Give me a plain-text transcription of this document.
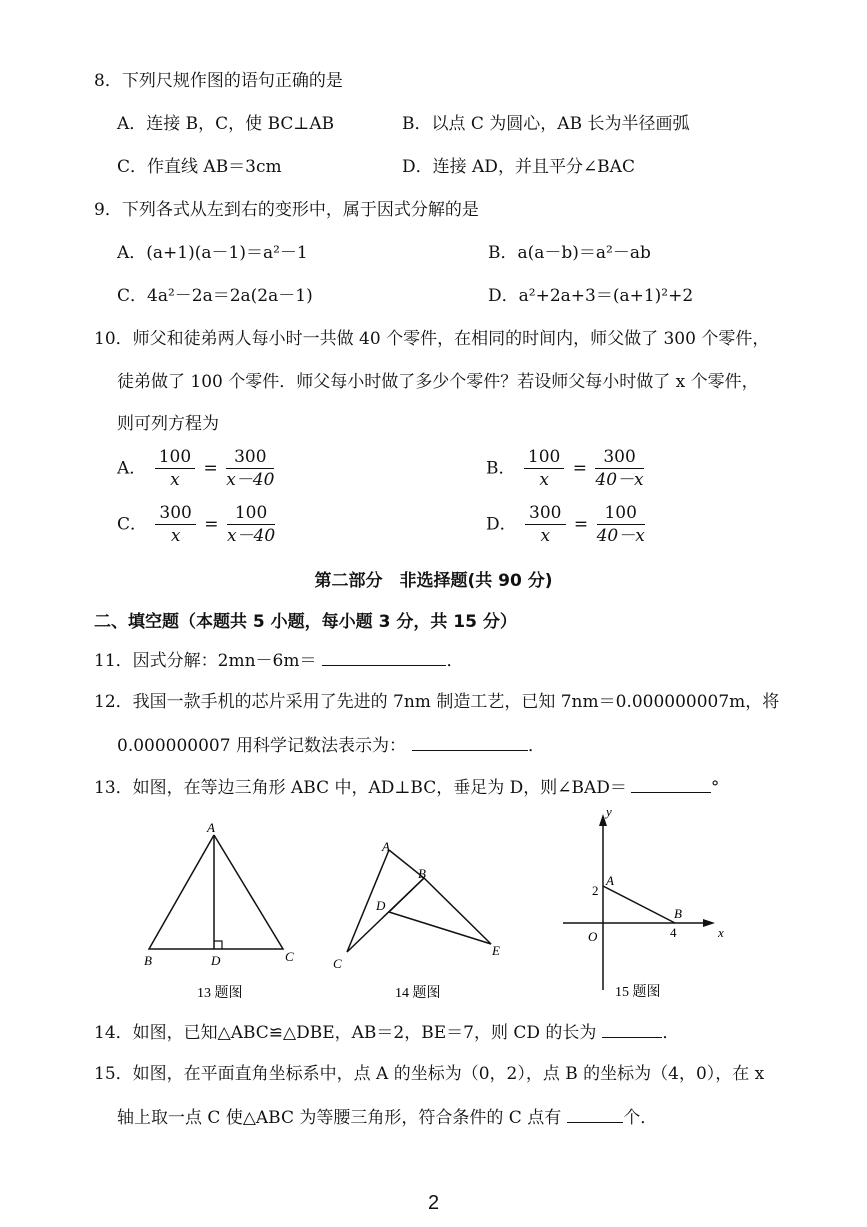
8．下列尺规作图的语句正确的是
A．连接 B，C，使 BC⊥AB	B．以点 C 为圆心，AB 长为半径画弧
C．作直线 AB＝3cm	D．连接 AD，并且平分∠BAC
9．下列各式从左到右的变形中，属于因式分解的是
A．(a+1)(a－1)＝a²－1	B．a(a－b)＝a²－ab
C．4a²－2a＝2a(2a－1)	D．a²+2a+3＝(a+1)²+2
10．师父和徒弟两人每小时一共做 40 个零件，在相同的时间内，师父做了 300 个零件，
徒弟做了 100 个零件．师父每小时做了多少个零件？若设师父每小时做了 x 个零件，
则可列方程为
A． $\frac{100}{x} = \frac{300}{x-40}$	B． $\frac{100}{x} = \frac{300}{40-x}$
C． $\frac{300}{x} = \frac{100}{x-40}$	D． $\frac{300}{x} = \frac{100}{40-x}$
第二部分　非选择题(共 90 分)
二、填空题（本题共 5 小题，每小题 3 分，共 15 分）
11．因式分解：2mn－6m＝	．
12．我国一款手机的芯片采用了先进的 7nm 制造工艺，已知 7nm＝0.000000007m，将
0.000000007 用科学记数法表示为：	．
13．如图，在等边三角形 ABC 中，AD⊥BC，垂足为 D，则∠BAD＝	°
A
B	D	C
13 题图
A
B
D
C
E
14 题图
y
x
2
A
B
4
O
15 题图
14．如图，已知△ABC≌△DBE，AB＝2，BE＝7，则 CD 的长为	．
15．如图，在平面直角坐标系中，点 A 的坐标为（0，2），点 B 的坐标为（4，0），在 x
轴上取一点 C 使△ABC 为等腰三角形，符合条件的 C 点有	个．
2
